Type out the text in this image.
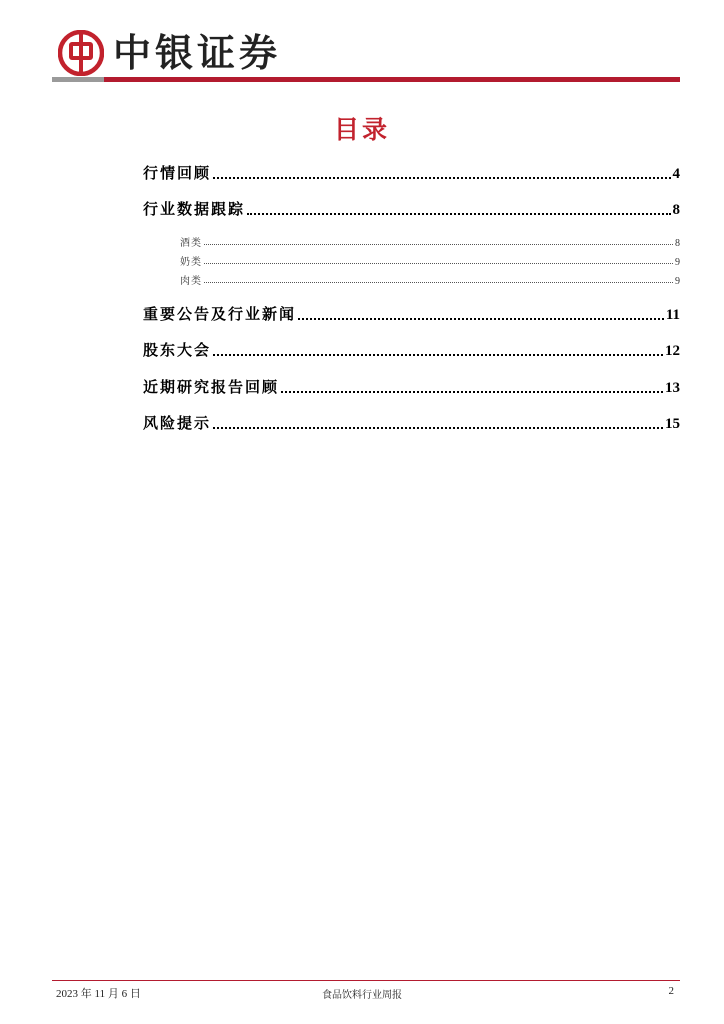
中银证券
目录
行情回顾	4
行业数据跟踪	8
酒类	8
奶类	9
肉类	9
重要公告及行业新闻	11
股东大会	12
近期研究报告回顾	13
风险提示	15
2023 年 11 月 6 日	食品饮料行业周报	2
